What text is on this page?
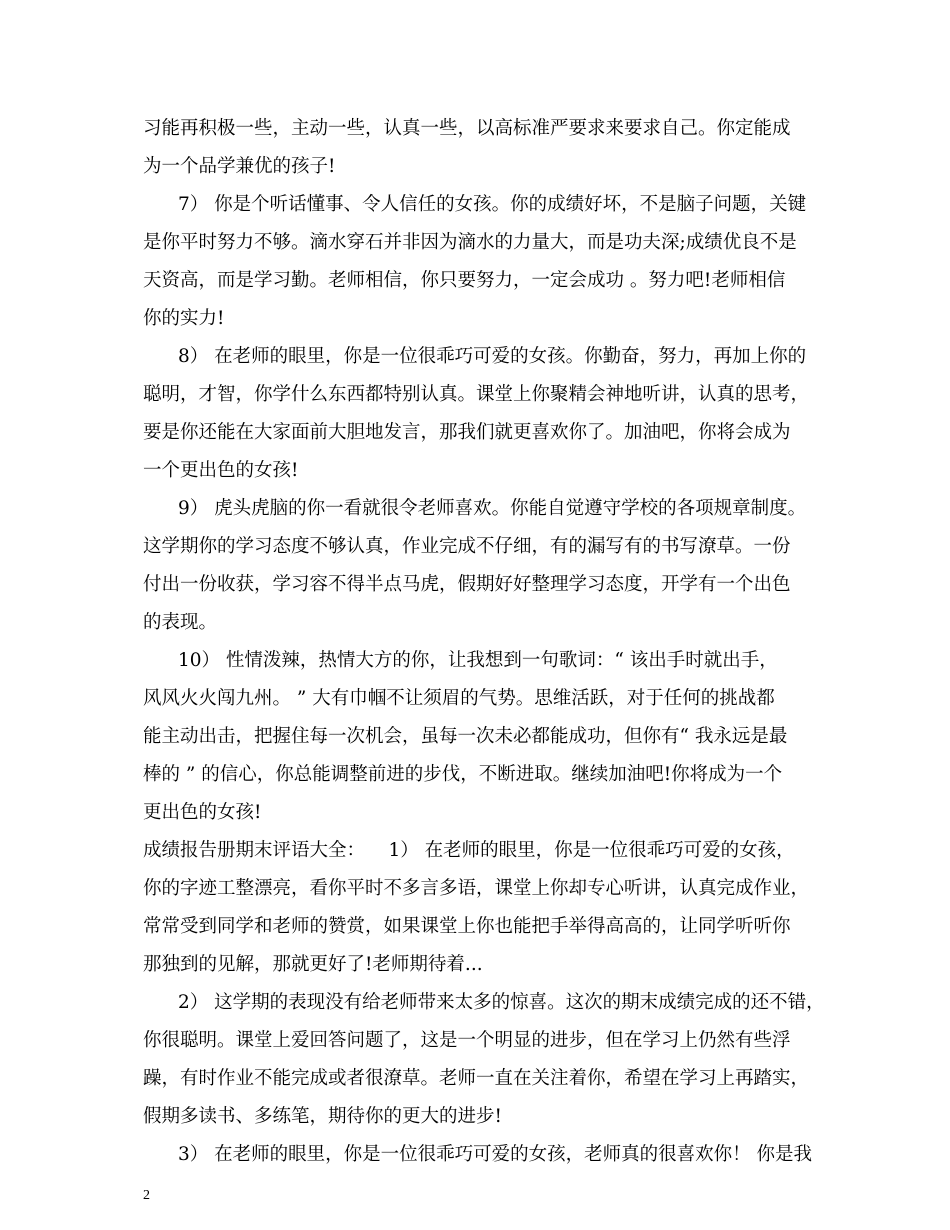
习能再积极一些，主动一些，认真一些，以高标准严要求来要求自己。你定能成
为一个品学兼优的孩子!
7） 你是个听话懂事、令人信任的女孩。你的成绩好坏，不是脑子问题，关键
是你平时努力不够。滴水穿石并非因为滴水的力量大，而是功夫深;成绩优良不是
天资高，而是学习勤。老师相信，你只要努力，一定会成功 。努力吧!老师相信
你的实力!
8） 在老师的眼里，你是一位很乖巧可爱的女孩。你勤奋，努力，再加上你的
聪明，才智，你学什么东西都特别认真。课堂上你聚精会神地听讲，认真的思考，
要是你还能在大家面前大胆地发言，那我们就更喜欢你了。加油吧，你将会成为
一个更出色的女孩!
9） 虎头虎脑的你一看就很令老师喜欢。你能自觉遵守学校的各项规章制度。
这学期你的学习态度不够认真，作业完成不仔细，有的漏写有的书写潦草。一份
付出一份收获，学习容不得半点马虎，假期好好整理学习态度，开学有一个出色
的表现。
10） 性情泼辣，热情大方的你，让我想到一句歌词：“ 该出手时就出手，
风风火火闯九州。 ” 大有巾帼不让须眉的气势。思维活跃，对于任何的挑战都
能主动出击，把握住每一次机会，虽每一次未必都能成功，但你有“ 我永远是最
棒的 ” 的信心，你总能调整前进的步伐，不断进取。继续加油吧!你将成为一个
更出色的女孩!
成绩报告册期末评语大全：    1） 在老师的眼里，你是一位很乖巧可爱的女孩，
你的字迹工整漂亮，看你平时不多言多语，课堂上你却专心听讲，认真完成作业，
常常受到同学和老师的赞赏，如果课堂上你也能把手举得高高的，让同学听听你
那独到的见解，那就更好了!老师期待着...
2） 这学期的表现没有给老师带来太多的惊喜。这次的期末成绩完成的还不错，
你很聪明。课堂上爱回答问题了，这是一个明显的进步，但在学习上仍然有些浮
躁，有时作业不能完成或者很潦草。老师一直在关注着你，希望在学习上再踏实，
假期多读书、多练笔，期待你的更大的进步!
3） 在老师的眼里，你是一位很乖巧可爱的女孩，老师真的很喜欢你！ 你是我
2
